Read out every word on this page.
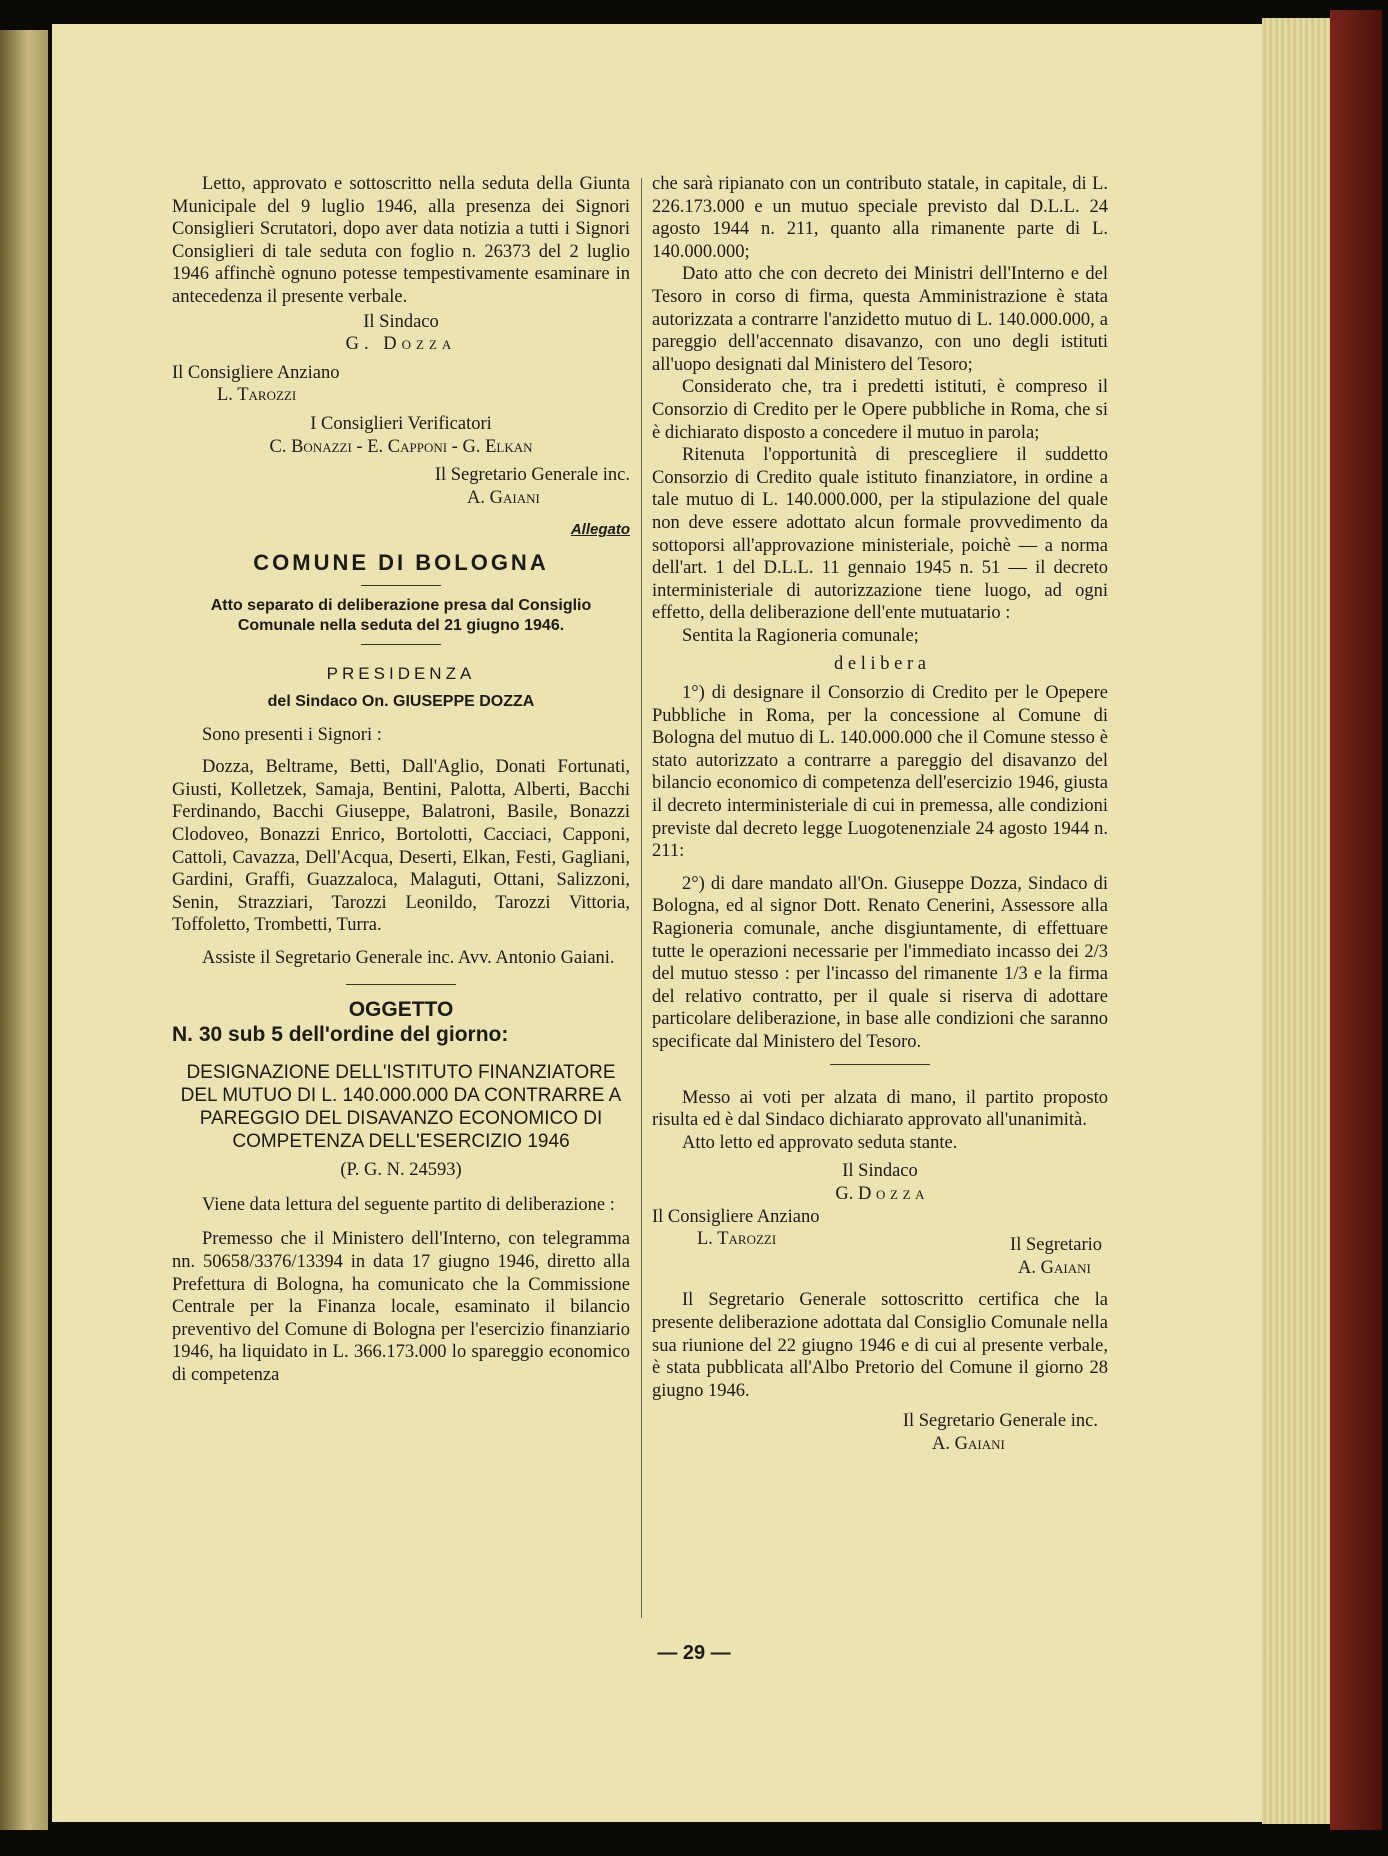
Letto, approvato e sottoscritto nella seduta della Giunta Municipale del 9 luglio 1946, alla presenza dei Signori Consiglieri Scrutatori, dopo aver data notizia a tutti i Signori Consiglieri di tale seduta con foglio n. 26373 del 2 luglio 1946 affinchè ognuno potesse tempestivamente esaminare in antecedenza il presente verbale.

Il Sindaco

G. Dozza

Il Consigliere Anziano

L. Tarozzi

I Consiglieri Verificatori

C. Bonazzi - E. Capponi - G. Elkan

Il Segretario Generale inc.

A. Gaiani

Allegato

COMUNE DI BOLOGNA

Atto separato di deliberazione presa dal Consiglio Comunale nella seduta del 21 giugno 1946.

PRESIDENZA

del Sindaco On. GIUSEPPE DOZZA

Sono presenti i Signori :

Dozza, Beltrame, Betti, Dall'Aglio, Donati Fortunati, Giusti, Kolletzek, Samaja, Bentini, Palotta, Alberti, Bacchi Ferdinando, Bacchi Giuseppe, Balatroni, Basile, Bonazzi Clodoveo, Bonazzi Enrico, Bortolotti, Cacciaci, Capponi, Cattoli, Cavazza, Dell'Acqua, Deserti, Elkan, Festi, Gagliani, Gardini, Graffi, Guazzaloca, Malaguti, Ottani, Salizzoni, Senin, Strazziari, Tarozzi Leonildo, Tarozzi Vittoria, Toffoletto, Trombetti, Turra.

Assiste il Segretario Generale inc. Avv. Antonio Gaiani.

OGGETTO

N. 30 sub 5 dell'ordine del giorno:

DESIGNAZIONE DELL'ISTITUTO FINANZIATORE DEL MUTUO DI L. 140.000.000 DA CONTRARRE A PAREGGIO DEL DISAVANZO ECONOMICO DI COMPETENZA DELL'ESERCIZIO 1946

(P. G. N. 24593)

Viene data lettura del seguente partito di deliberazione :

Premesso che il Ministero dell'Interno, con telegramma nn. 50658/3376/13394 in data 17 giugno 1946, diretto alla Prefettura di Bologna, ha comunicato che la Commissione Centrale per la Finanza locale, esaminato il bilancio preventivo del Comune di Bologna per l'esercizio finanziario 1946, ha liquidato in L. 366.173.000 lo spareggio economico di competenza

che sarà ripianato con un contributo statale, in capitale, di L. 226.173.000 e un mutuo speciale previsto dal D.L.L. 24 agosto 1944 n. 211, quanto alla rimanente parte di L. 140.000.000;

Dato atto che con decreto dei Ministri dell'Interno e del Tesoro in corso di firma, questa Amministrazione è stata autorizzata a contrarre l'anzidetto mutuo di L. 140.000.000, a pareggio dell'accennato disavanzo, con uno degli istituti all'uopo designati dal Ministero del Tesoro;

Considerato che, tra i predetti istituti, è compreso il Consorzio di Credito per le Opere pubbliche in Roma, che si è dichiarato disposto a concedere il mutuo in parola;

Ritenuta l'opportunità di prescegliere il suddetto Consorzio di Credito quale istituto finanziatore, in ordine a tale mutuo di L. 140.000.000, per la stipulazione del quale non deve essere adottato alcun formale provvedimento da sottoporsi all'approvazione ministeriale, poichè — a norma dell'art. 1 del D.L.L. 11 gennaio 1945 n. 51 — il decreto interministeriale di autorizzazione tiene luogo, ad ogni effetto, della deliberazione dell'ente mutuatario :

Sentita la Ragioneria comunale;

d e l i b e r a

1°) di designare il Consorzio di Credito per le Opepere Pubbliche in Roma, per la concessione al Comune di Bologna del mutuo di L. 140.000.000 che il Comune stesso è stato autorizzato a contrarre a pareggio del disavanzo del bilancio economico di competenza dell'esercizio 1946, giusta il decreto interministeriale di cui in premessa, alle condizioni previste dal decreto legge Luogotenenziale 24 agosto 1944 n. 211:

2°) di dare mandato all'On. Giuseppe Dozza, Sindaco di Bologna, ed al signor Dott. Renato Cenerini, Assessore alla Ragioneria comunale, anche disgiuntamente, di effettuare tutte le operazioni necessarie per l'immediato incasso dei 2/3 del mutuo stesso : per l'incasso del rimanente 1/3 e la firma del relativo contratto, per il quale si riserva di adottare particolare deliberazione, in base alle condizioni che saranno specificate dal Ministero del Tesoro.

Messo ai voti per alzata di mano, il partito proposto risulta ed è dal Sindaco dichiarato approvato all'unanimità.

Atto letto ed approvato seduta stante.

Il Sindaco

G. D o z z a

Il Consigliere Anziano

L. Tarozzi	Il Segretario

A. Gaiani

Il Segretario Generale sottoscritto certifica che la presente deliberazione adottata dal Consiglio Comunale nella sua riunione del 22 giugno 1946 e di cui al presente verbale, è stata pubblicata all'Albo Pretorio del Comune il giorno 28 giugno 1946.

Il Segretario Generale inc.

A. Gaiani

— 29 —
